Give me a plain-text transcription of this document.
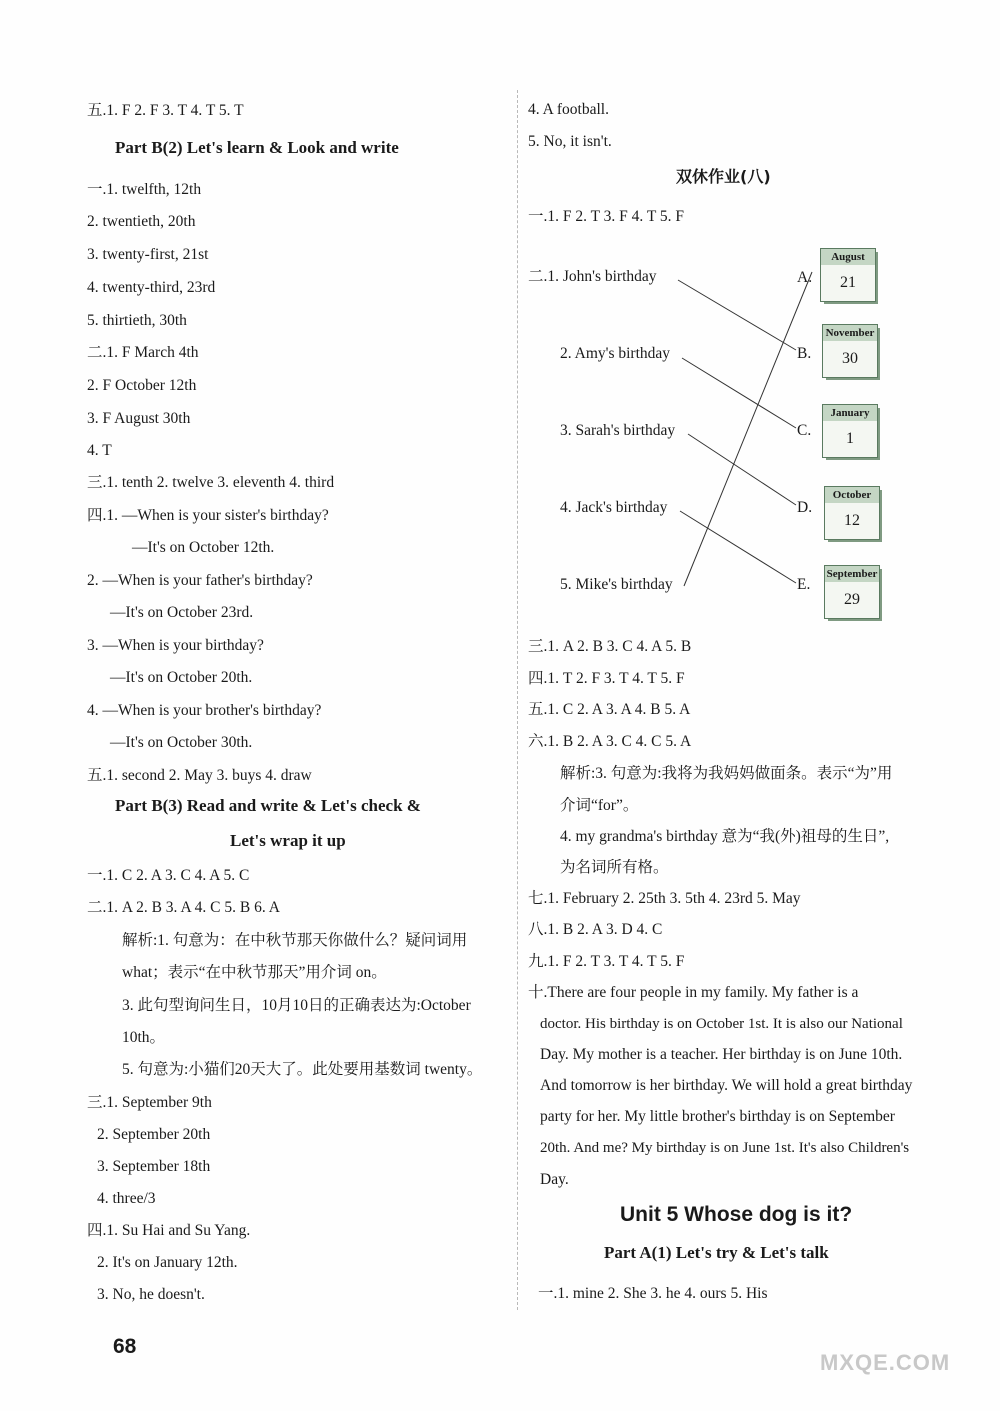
五.1. F 2. F 3. T 4. T 5. T
Part B(2) Let's learn & Look and write
一.1. twelfth, 12th
2. twentieth, 20th
3. twenty-first, 21st
4. twenty-third, 23rd
5. thirtieth, 30th
二.1. F March 4th
2. F October 12th
3. F August 30th
4. T
三.1. tenth 2. twelve 3. eleventh 4. third
四.1. —When is your sister's birthday?
—It's on October 12th.
2. —When is your father's birthday?
—It's on October 23rd.
3. —When is your birthday?
—It's on October 20th.
4. —When is your brother's birthday?
—It's on October 30th.
五.1. second 2. May 3. buys 4. draw
Part B(3) Read and write & Let's check &
Let's wrap it up
一.1. C 2. A 3. C 4. A 5. C
二.1. A 2. B 3. A 4. C 5. B 6. A
解析:1. 句意为：在中秋节那天你做什么？疑问词用
what；表示“在中秋节那天”用介词 on。
3. 此句型询问生日，10月10日的正确表达为:October
10th。
5. 句意为:小猫们20天大了。此处要用基数词 twenty。
三.1. September 9th
2. September 20th
3. September 18th
4. three/3
四.1. Su Hai and Su Yang.
2. It's on January 12th.
3. No, he doesn't.
4. A football.
5. No, it isn't.
双休作业(八)
一.1. F 2. T 3. F 4. T 5. F
二.1. John's birthday
2. Amy's birthday
3. Sarah's birthday
4. Jack's birthday
5. Mike's birthday
A.
B.
C.
D.
E.
August
21
November
30
January
1
October
12
September
29
三.1. A 2. B 3. C 4. A 5. B
四.1. T 2. F 3. T 4. T 5. F
五.1. C 2. A 3. A 4. B 5. A
六.1. B 2. A 3. C 4. C 5. A
解析:3. 句意为:我将为我妈妈做面条。表示“为”用
介词“for”。
4. my grandma's birthday 意为“我(外)祖母的生日”,
为名词所有格。
七.1. February 2. 25th 3. 5th 4. 23rd 5. May
八.1. B 2. A 3. D 4. C
九.1. F 2. T 3. T 4. T 5. F
十.There are four people in my family. My father is a
doctor. His birthday is on October 1st. It is also our National
Day. My mother is a teacher. Her birthday is on June 10th.
And tomorrow is her birthday. We will hold a great birthday
party for her. My little brother's birthday is on September
20th. And me? My birthday is on June 1st. It's also Children's
Day.
Unit 5 Whose dog is it?
Part A(1) Let's try & Let's talk
一.1. mine 2. She 3. he 4. ours 5. His
68
MXQE.COM
